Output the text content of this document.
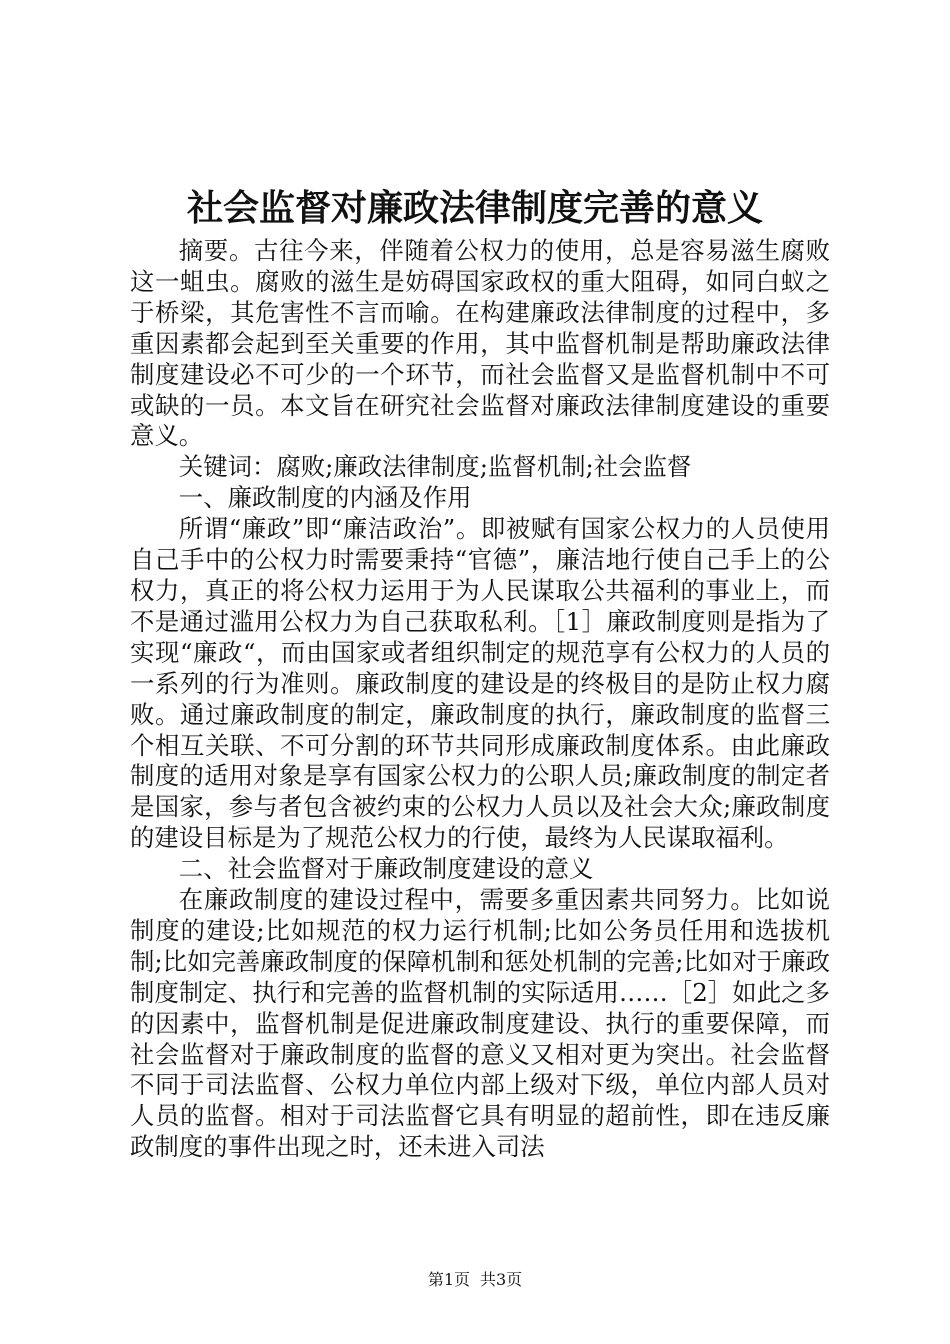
社会监督对廉政法律制度完善的意义

摘要。古往今来，伴随着公权力的使用，总是容易滋生腐败这一蛆虫。腐败的滋生是妨碍国家政权的重大阻碍，如同白蚁之于桥梁，其危害性不言而喻。在构建廉政法律制度的过程中，多重因素都会起到至关重要的作用，其中监督机制是帮助廉政法律制度建设必不可少的一个环节，而社会监督又是监督机制中不可或缺的一员。本文旨在研究社会监督对廉政法律制度建设的重要意义。

关键词：腐败;廉政法律制度;监督机制;社会监督

一、廉政制度的内涵及作用

所谓“廉政”即“廉洁政治”。即被赋有国家公权力的人员使用自己手中的公权力时需要秉持“官德”，廉洁地行使自己手上的公权力，真正的将公权力运用于为人民谋取公共福利的事业上，而不是通过滥用公权力为自己获取私利。［1］廉政制度则是指为了实现“廉政“，而由国家或者组织制定的规范享有公权力的人员的一系列的行为准则。廉政制度的建设是的终极目的是防止权力腐败。通过廉政制度的制定，廉政制度的执行，廉政制度的监督三个相互关联、不可分割的环节共同形成廉政制度体系。由此廉政制度的适用对象是享有国家公权力的公职人员;廉政制度的制定者是国家，参与者包含被约束的公权力人员以及社会大众;廉政制度的建设目标是为了规范公权力的行使，最终为人民谋取福利。

二、社会监督对于廉政制度建设的意义

在廉政制度的建设过程中，需要多重因素共同努力。比如说制度的建设;比如规范的权力运行机制;比如公务员任用和选拔机制;比如完善廉政制度的保障机制和惩处机制的完善;比如对于廉政制度制定、执行和完善的监督机制的实际适用……［2］如此之多的因素中，监督机制是促进廉政制度建设、执行的重要保障，而社会监督对于廉政制度的监督的意义又相对更为突出。社会监督不同于司法监督、公权力单位内部上级对下级，单位内部人员对人员的监督。相对于司法监督它具有明显的超前性，即在违反廉政制度的事件出现之时，还未进入司法

第1页 共3页
